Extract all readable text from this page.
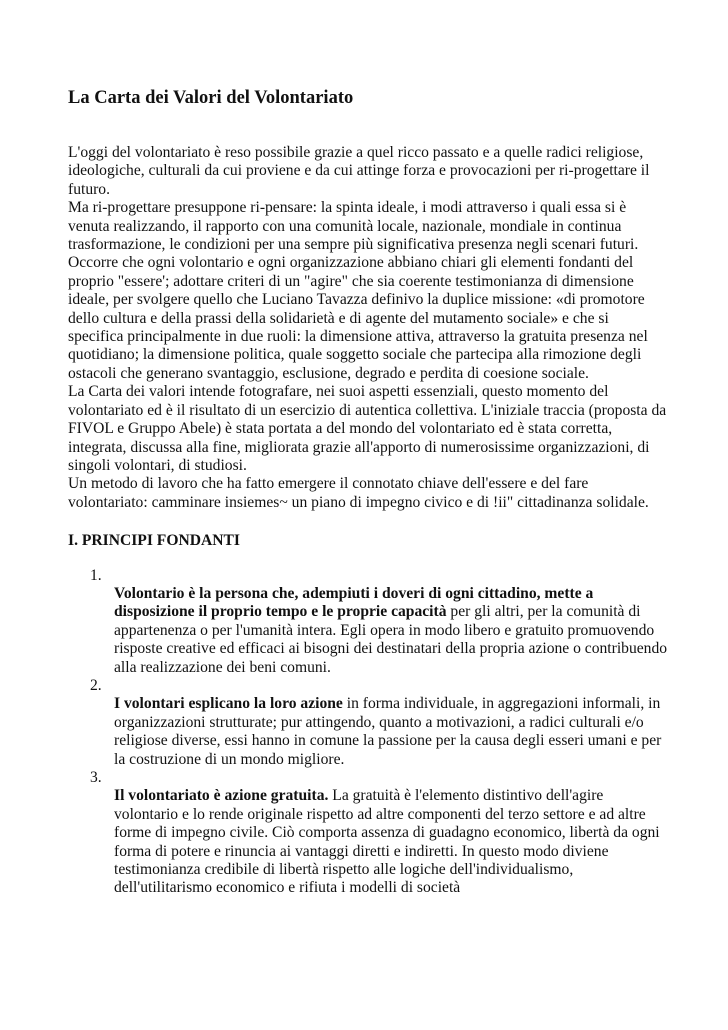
La Carta dei Valori del Volontariato

L'oggi del volontariato è reso possibile grazie a quel ricco passato e a quelle radici religiose, ideologiche, culturali da cui proviene e da cui attinge forza e provocazioni per ri-progettare il futuro.

Ma ri-progettare presuppone ri-pensare: la spinta ideale, i modi attraverso i quali essa si è venuta realizzando, il rapporto con una comunità locale, nazionale, mondiale in continua trasformazione, le condizioni per una sempre più significativa presenza negli scenari futuri.

Occorre che ogni volontario e ogni organizzazione abbiano chiari gli elementi fondanti del proprio "essere'; adottare criteri di un "agire" che sia coerente testimonianza di dimensione ideale, per svolgere quello che Luciano Tavazza definivo la duplice missione: «di promotore dello cultura e della prassi della solidarietà e di agente del mutamento sociale» e che si specifica principalmente in due ruoli: la dimensione attiva, attraverso la gratuita presenza nel quotidiano; la dimensione politica, quale soggetto sociale che partecipa alla rimozione degli ostacoli che generano svantaggio, esclusione, degrado e perdita di coesione sociale.

La Carta dei valori intende fotografare, nei suoi aspetti essenziali, questo momento del volontariato ed è il risultato di un esercizio di autentica collettiva. L'iniziale traccia (proposta da FIVOL e Gruppo Abele) è stata portata a del mondo del volontariato ed è stata corretta, integrata, discussa alla fine, migliorata grazie all'apporto di numerosissime organizzazioni, di singoli volontari, di studiosi.

Un metodo di lavoro che ha fatto emergere il connotato chiave dell'essere e del fare volontariato: camminare insiemes~ un piano di impegno civico e di !ii" cittadinanza solidale.

I. PRINCIPI FONDANTI
1.
Volontario è la persona che, adempiuti i doveri di ogni cittadino, mette a disposizione il proprio tempo e le proprie capacità per gli altri, per la comunità di appartenenza o per l'umanità intera. Egli opera in modo libero e gratuito promuovendo risposte creative ed efficaci ai bisogni dei destinatari della propria azione o contribuendo alla realizzazione dei beni comuni.
2.
I volontari esplicano la loro azione in forma individuale, in aggregazioni informali, in organizzazioni strutturate; pur attingendo, quanto a motivazioni, a radici culturali e/o religiose diverse, essi hanno in comune la passione per la causa degli esseri umani e per la costruzione di un mondo migliore.
3.
Il volontariato è azione gratuita. La gratuità è l'elemento distintivo dell'agire volontario e lo rende originale rispetto ad altre componenti del terzo settore e ad altre forme di impegno civile. Ciò comporta assenza di guadagno economico, libertà da ogni forma di potere e rinuncia ai vantaggi diretti e indiretti. In questo modo diviene testimonianza credibile di libertà rispetto alle logiche dell'individualismo, dell'utilitarismo economico e rifiuta i modelli di società
